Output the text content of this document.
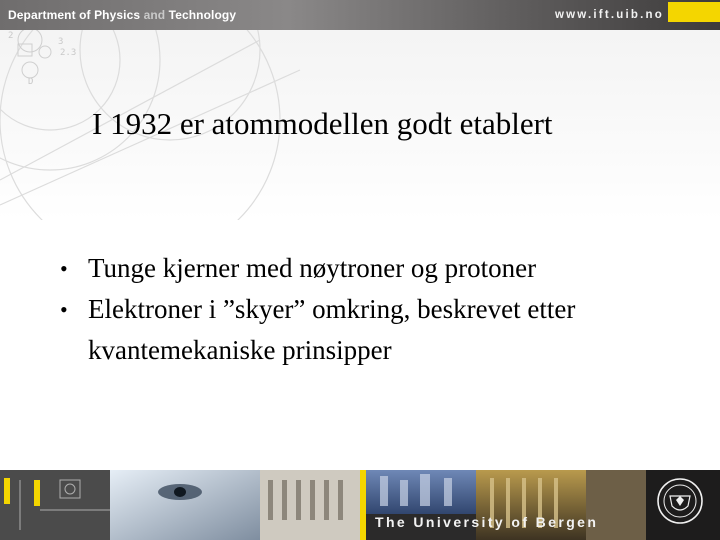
Department of Physics and Technology	www.ift.uib.no
2
3
2.3
D
I 1932 er atommodellen godt etablert
• Tunge kjerner med nøytroner og protoner
• Elektroner i ”skyer” omkring, beskrevet etter kvantemekaniske prinsipper
The University of Bergen
